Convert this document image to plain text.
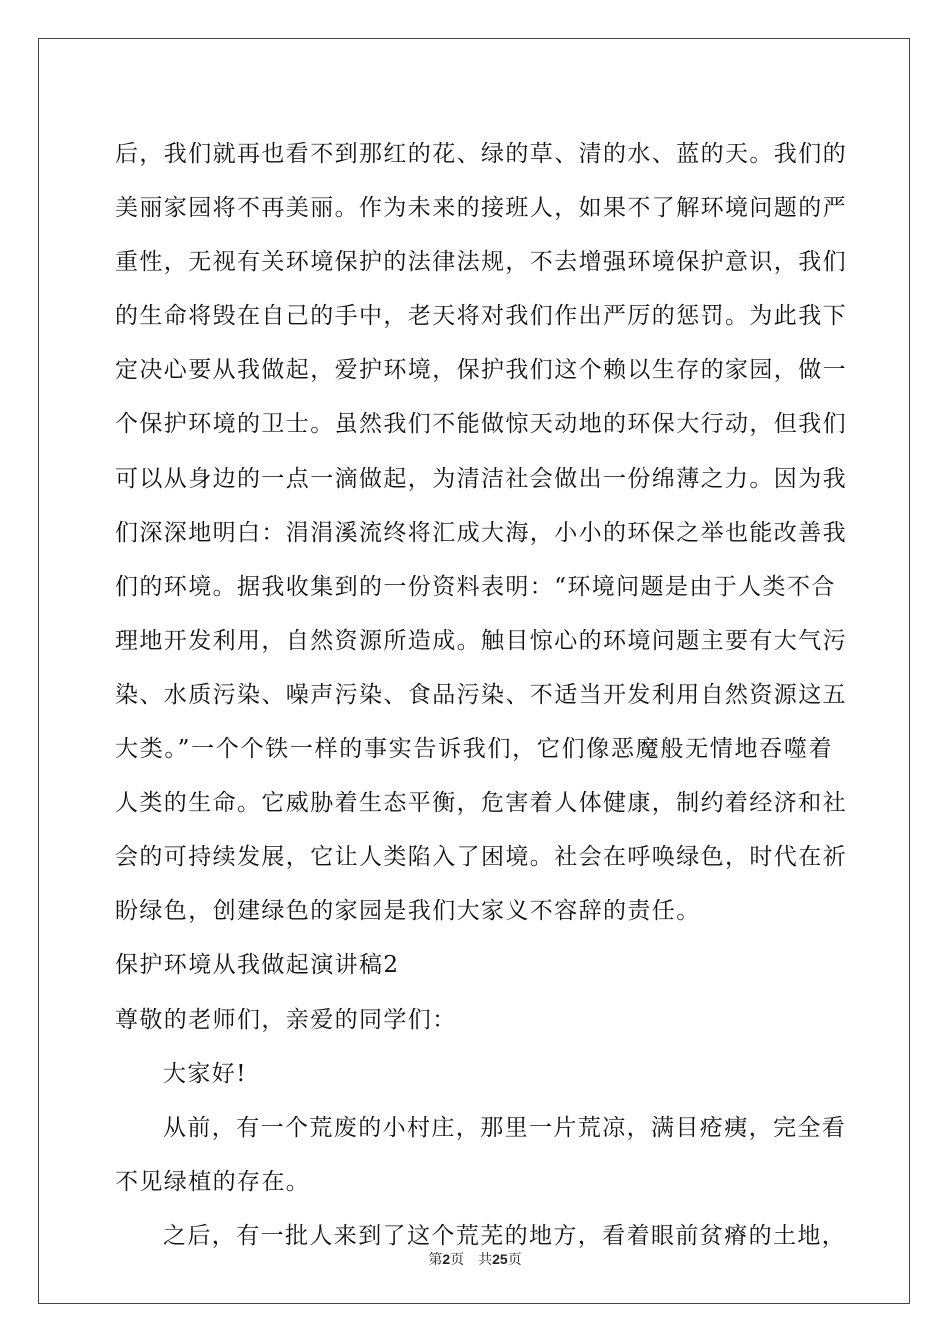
后，我们就再也看不到那红的花、绿的草、清的水、蓝的天。我们的
美丽家园将不再美丽。作为未来的接班人，如果不了解环境问题的严
重性，无视有关环境保护的法律法规，不去增强环境保护意识，我们
的生命将毁在自己的手中，老天将对我们作出严厉的惩罚。为此我下
定决心要从我做起，爱护环境，保护我们这个赖以生存的家园，做一
个保护环境的卫士。虽然我们不能做惊天动地的环保大行动，但我们
可以从身边的一点一滴做起，为清洁社会做出一份绵薄之力。因为我
们深深地明白：涓涓溪流终将汇成大海，小小的环保之举也能改善我
们的环境。据我收集到的一份资料表明：“环境问题是由于人类不合
理地开发利用，自然资源所造成。触目惊心的环境问题主要有大气污
染、水质污染、噪声污染、食品污染、不适当开发利用自然资源这五
大类。”一个个铁一样的事实告诉我们，它们像恶魔般无情地吞噬着
人类的生命。它威胁着生态平衡，危害着人体健康，制约着经济和社
会的可持续发展，它让人类陷入了困境。社会在呼唤绿色，时代在祈
盼绿色，创建绿色的家园是我们大家义不容辞的责任。
保护环境从我做起演讲稿2
尊敬的老师们，亲爱的同学们：
大家好!
从前，有一个荒废的小村庄，那里一片荒凉，满目疮痍，完全看
不见绿植的存在。
之后，有一批人来到了这个荒芜的地方，看着眼前贫瘠的土地，
第2页 共25页
